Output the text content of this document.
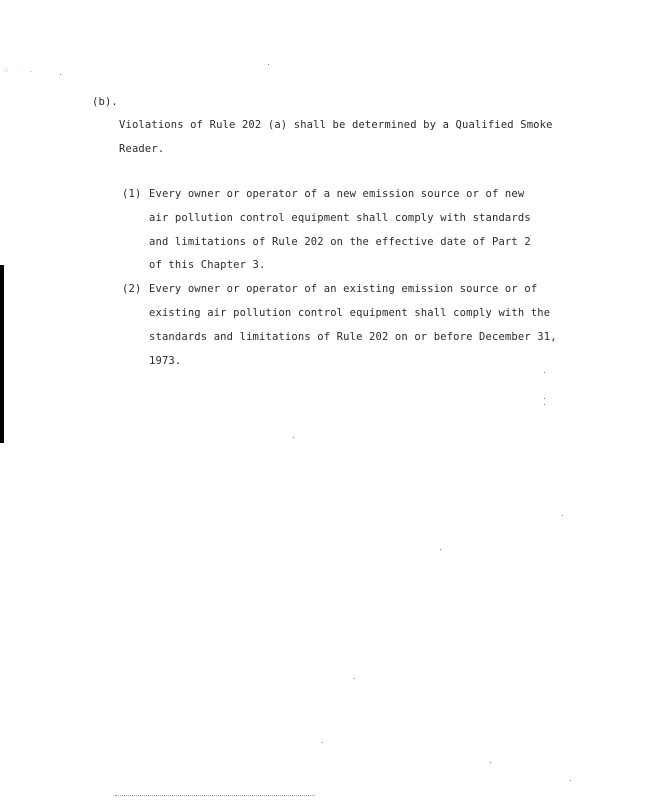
∴ ˙ .
(b).
Violations of Rule 202 (a) shall be determined by a Qualified Smoke
Reader.
(1) Every owner or operator of a new emission source or of new
air pollution control equipment shall comply with standards
and limitations of Rule 202 on the effective date of Part 2
of this Chapter 3.
(2) Every owner or operator of an existing emission source or of
existing air pollution control equipment shall comply with the
standards and limitations of Rule 202 on or before December 31,
1973.
